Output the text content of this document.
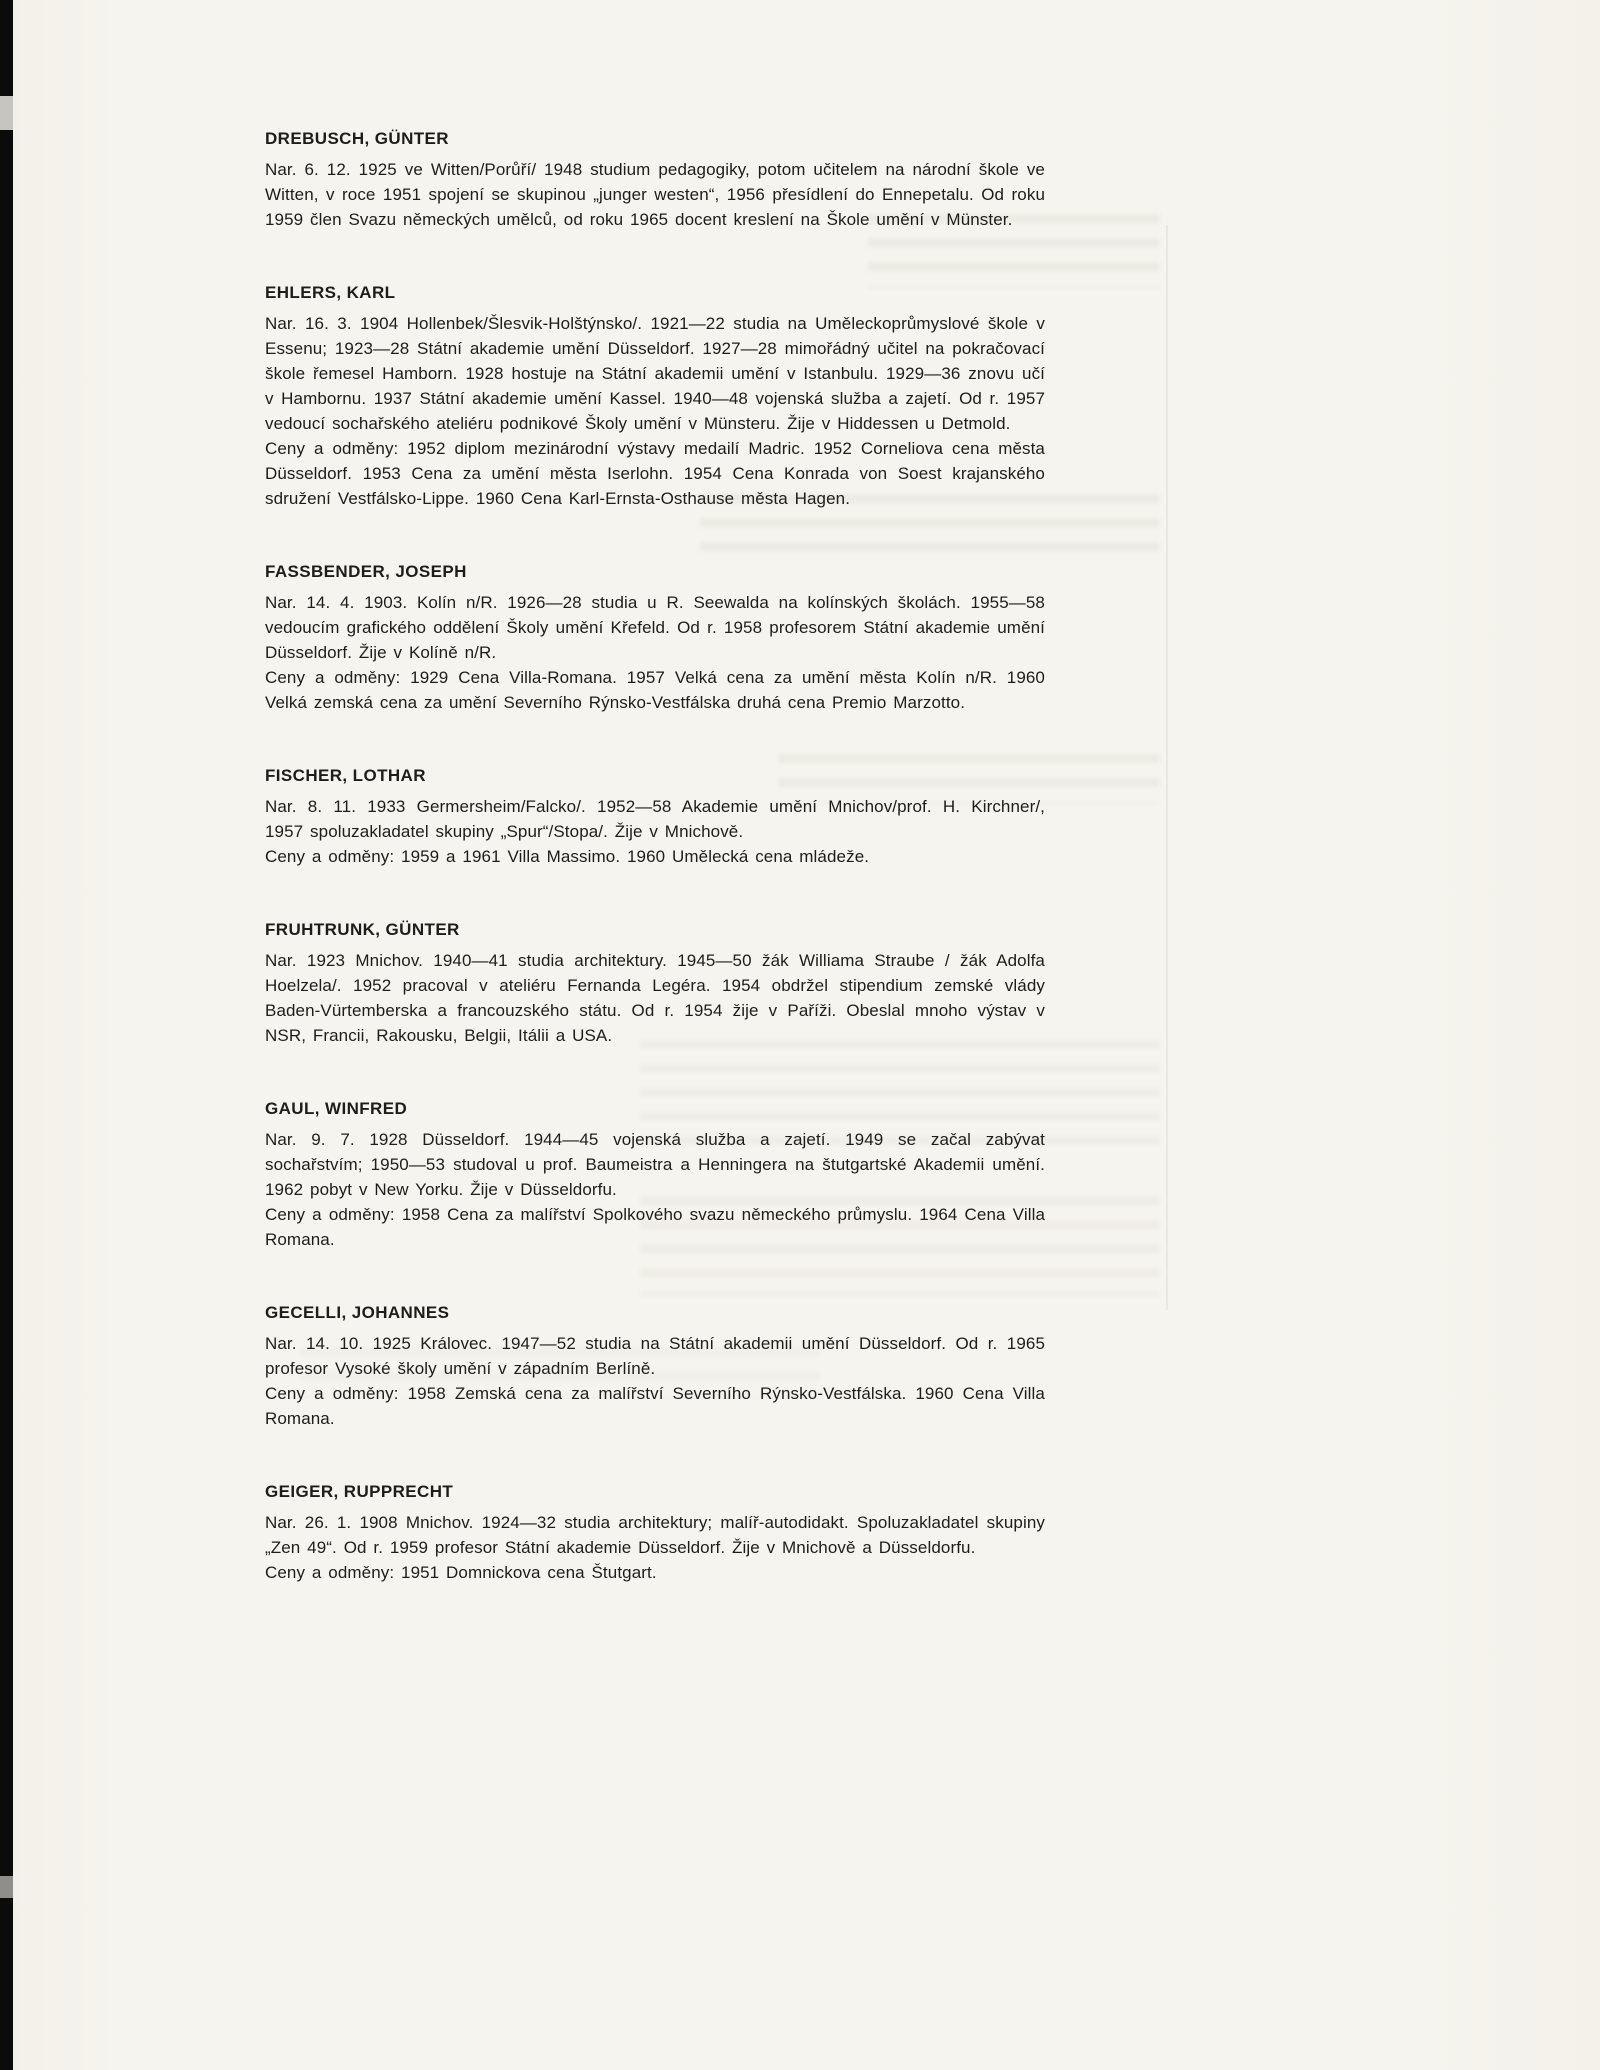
DREBUSCH, GÜNTER

Nar. 6. 12. 1925 ve Witten/Porůří/ 1948 studium pedagogiky, potom učitelem na národní škole ve Witten, v roce 1951 spojení se skupinou „junger westen“, 1956 přesídlení do Ennepetalu. Od roku 1959 člen Svazu německých umělců, od roku 1965 docent kreslení na Škole umění v Münster.

EHLERS, KARL

Nar. 16. 3. 1904 Hollenbek/Šlesvik-Holštýnsko/. 1921—22 studia na Uměleckoprůmyslové škole v Essenu; 1923—28 Státní akademie umění Düsseldorf. 1927—28 mimořádný učitel na pokračovací škole řemesel Hamborn. 1928 hostuje na Státní akademii umění v Istanbulu. 1929—36 znovu učí v Hambornu. 1937 Státní akademie umění Kassel. 1940—48 vojenská služba a zajetí. Od r. 1957 vedoucí sochařského ateliéru podnikové Školy umění v Münsteru. Žije v Hiddessen u Detmold.

Ceny a odměny: 1952 diplom mezinárodní výstavy medailí Madric. 1952 Corneliova cena města Düsseldorf. 1953 Cena za umění města Iserlohn. 1954 Cena Konrada von Soest krajanského sdružení Vestfálsko-Lippe. 1960 Cena Karl-Ernsta-Osthause města Hagen.

FASSBENDER, JOSEPH

Nar. 14. 4. 1903. Kolín n/R. 1926—28 studia u R. Seewalda na kolínských školách. 1955—58 vedoucím grafického oddělení Školy umění Křefeld. Od r. 1958 profesorem Státní akademie umění Düsseldorf. Žije v Kolíně n/R.

Ceny a odměny: 1929 Cena Villa-Romana. 1957 Velká cena za umění města Kolín n/R. 1960 Velká zemská cena za umění Severního Rýnsko-Vestfálska druhá cena Premio Marzotto.

FISCHER, LOTHAR

Nar. 8. 11. 1933 Germersheim/Falcko/. 1952—58 Akademie umění Mnichov/prof. H. Kirchner/, 1957 spoluzakladatel skupiny „Spur“/Stopa/. Žije v Mnichově.

Ceny a odměny: 1959 a 1961 Villa Massimo. 1960 Umělecká cena mládeže.

FRUHTRUNK, GÜNTER

Nar. 1923 Mnichov. 1940—41 studia architektury. 1945—50 žák Williama Straube / žák Adolfa Hoelzela/. 1952 pracoval v ateliéru Fernanda Legéra. 1954 obdržel stipendium zemské vlády Baden-Vürtemberska a francouzského státu. Od r. 1954 žije v Paříži. Obeslal mnoho výstav v NSR, Francii, Rakousku, Belgii, Itálii a USA.

GAUL, WINFRED

Nar. 9. 7. 1928 Düsseldorf. 1944—45 vojenská služba a zajetí. 1949 se začal zabývat sochařstvím; 1950—53 studoval u prof. Baumeistra a Henningera na štutgartské Akademii umění. 1962 pobyt v New Yorku. Žije v Düsseldorfu.

Ceny a odměny: 1958 Cena za malířství Spolkového svazu německého průmyslu. 1964 Cena Villa Romana.

GECELLI, JOHANNES

Nar. 14. 10. 1925 Královec. 1947—52 studia na Státní akademii umění Düsseldorf. Od r. 1965 profesor Vysoké školy umění v západním Berlíně.

Ceny a odměny: 1958 Zemská cena za malířství Severního Rýnsko-Vestfálska. 1960 Cena Villa Romana.

GEIGER, RUPPRECHT

Nar. 26. 1. 1908 Mnichov. 1924—32 studia architektury; malíř-autodidakt. Spoluzakladatel skupiny „Zen 49“. Od r. 1959 profesor Státní akademie Düsseldorf. Žije v Mnichově a Düsseldorfu.

Ceny a odměny: 1951 Domnickova cena Štutgart.
